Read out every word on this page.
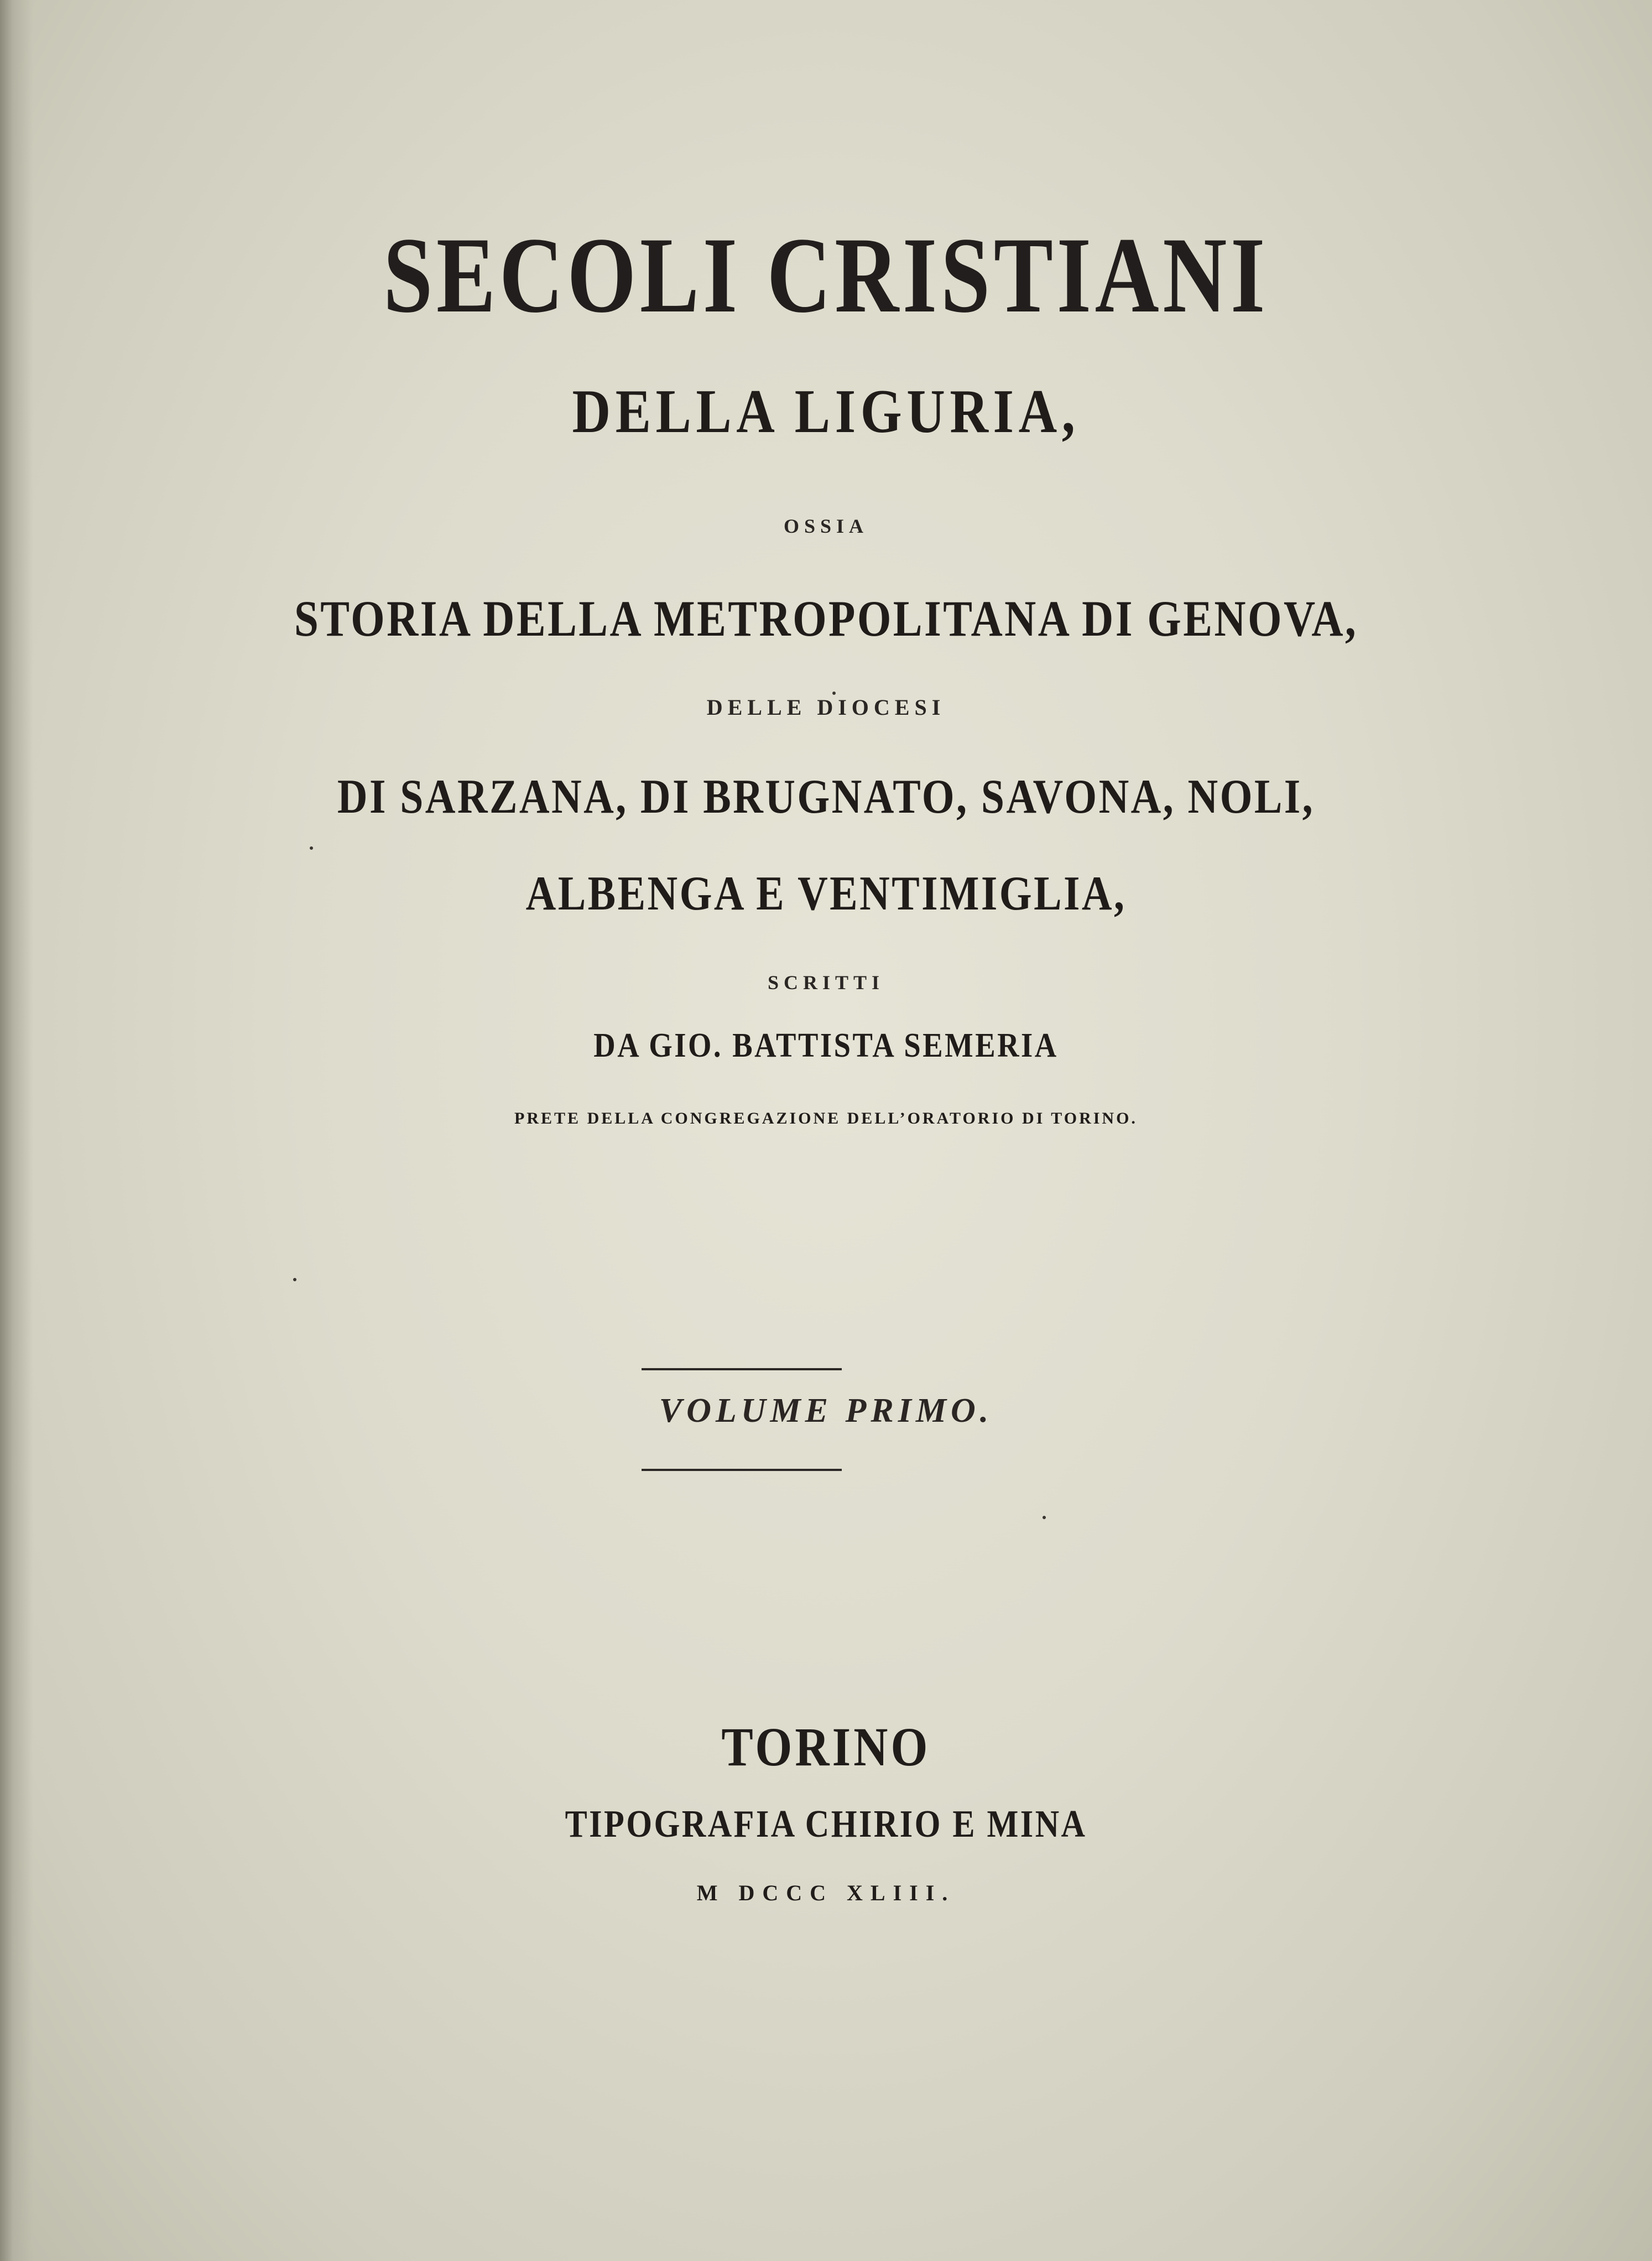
SECOLI CRISTIANI
DELLA LIGURIA,

OSSIA

STORIA DELLA METROPOLITANA DI GENOVA,

DELLE DIOCESI

DI SARZANA, DI BRUGNATO, SAVONA, NOLI,

ALBENGA E VENTIMIGLIA,

SCRITTI

DA GIO. BATTISTA SEMERIA

PRETE DELLA CONGREGAZIONE DELL’ORATORIO DI TORINO.

VOLUME PRIMO.

TORINO

TIPOGRAFIA CHIRIO E MINA

M DCCC XLIII.
